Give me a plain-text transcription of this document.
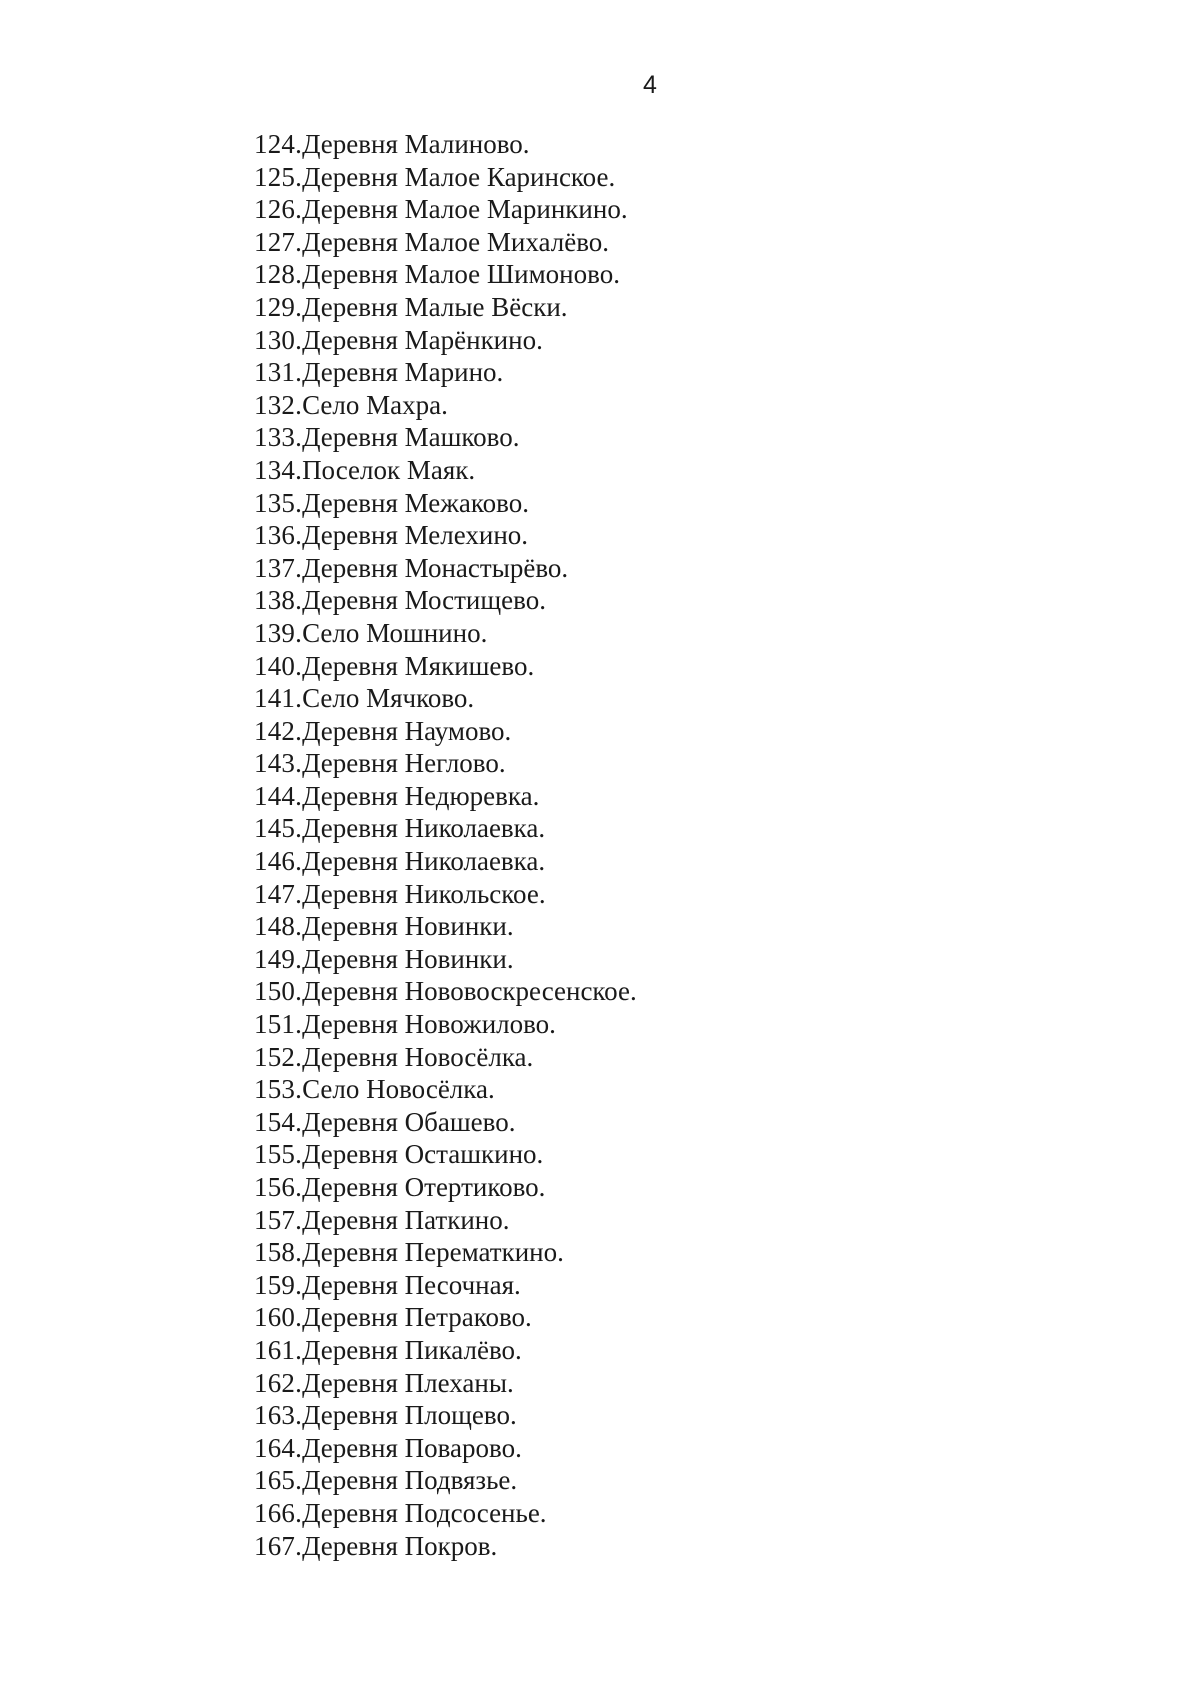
4
124.Деревня Малиново.
125.Деревня Малое Каринское.
126.Деревня Малое Маринкино.
127.Деревня Малое Михалёво.
128.Деревня Малое Шимоново.
129.Деревня Малые Вёски.
130.Деревня Марёнкино.
131.Деревня Марино.
132.Село Махра.
133.Деревня Машково.
134.Поселок Маяк.
135.Деревня Межаково.
136.Деревня Мелехино.
137.Деревня Монастырёво.
138.Деревня Мостищево.
139.Село Мошнино.
140.Деревня Мякишево.
141.Село Мячково.
142.Деревня Наумово.
143.Деревня Неглово.
144.Деревня Недюревка.
145.Деревня Николаевка.
146.Деревня Николаевка.
147.Деревня Никольское.
148.Деревня Новинки.
149.Деревня Новинки.
150.Деревня Нововоскресенское.
151.Деревня Новожилово.
152.Деревня Новосёлка.
153.Село Новосёлка.
154.Деревня Обашево.
155.Деревня Осташкино.
156.Деревня Отертиково.
157.Деревня Паткино.
158.Деревня Перематкино.
159.Деревня Песочная.
160.Деревня Петраково.
161.Деревня Пикалёво.
162.Деревня Плеханы.
163.Деревня Площево.
164.Деревня Поварово.
165.Деревня Подвязье.
166.Деревня Подсосенье.
167.Деревня Покров.
